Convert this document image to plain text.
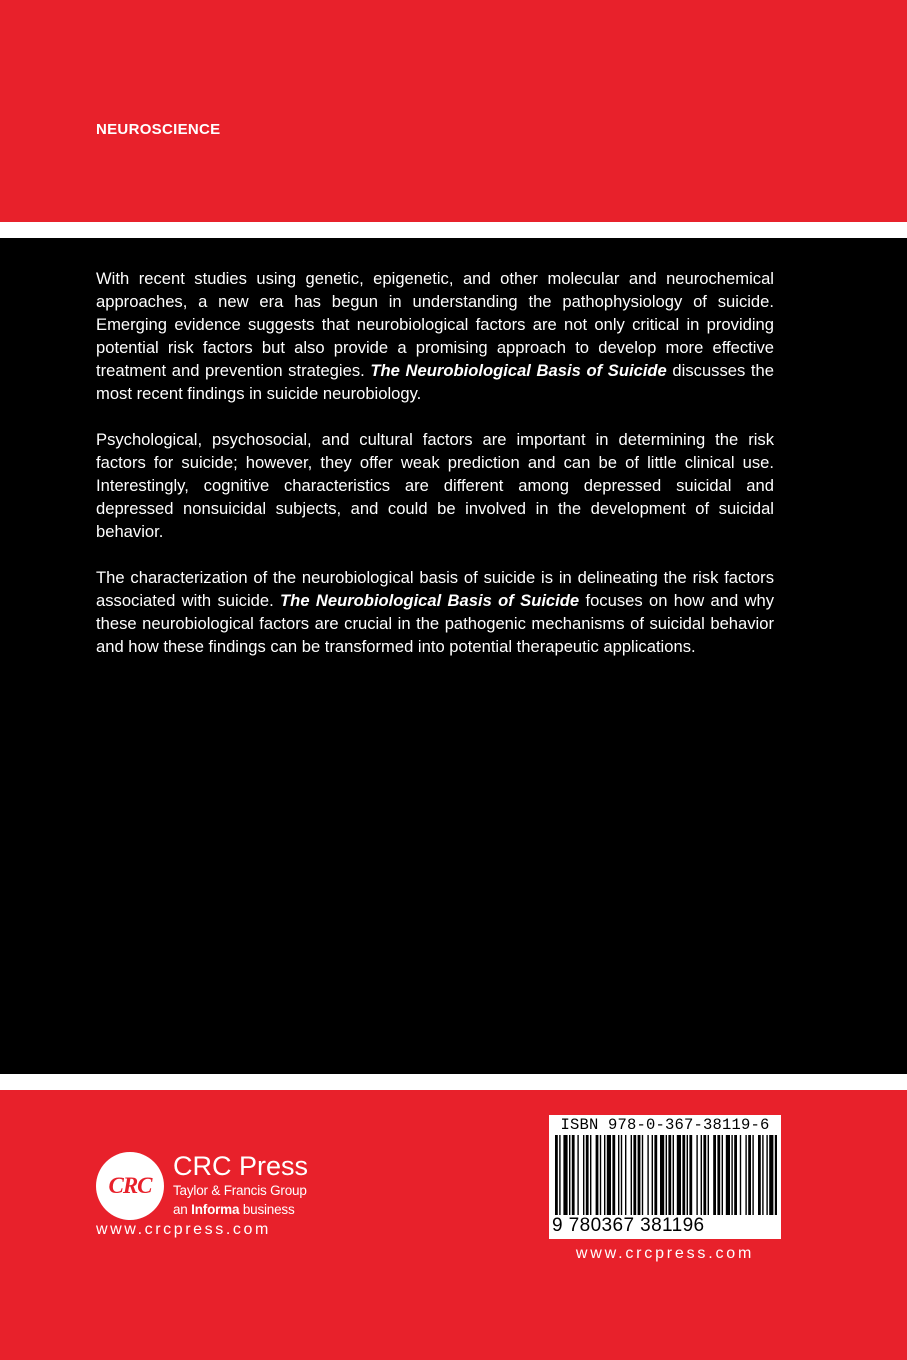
NEUROSCIENCE

With recent studies using genetic, epigenetic, and other molecular and neurochemical approaches, a new era has begun in understanding the pathophysiology of suicide. Emerging evidence suggests that neurobiological factors are not only critical in providing potential risk factors but also provide a promising approach to develop more effective treatment and prevention strategies. The Neurobiological Basis of Suicide discusses the most recent findings in suicide neurobiology.

Psychological, psychosocial, and cultural factors are important in determining the risk factors for suicide; however, they offer weak prediction and can be of little clinical use. Interestingly, cognitive characteristics are different among depressed suicidal and depressed nonsuicidal subjects, and could be involved in the development of suicidal behavior.

The characterization of the neurobiological basis of suicide is in delineating the risk factors associated with suicide. The Neurobiological Basis of Suicide focuses on how and why these neurobiological factors are crucial in the pathogenic mechanisms of suicidal behavior and how these findings can be transformed into potential therapeutic applications.

CRC
CRC Press
Taylor & Francis Group
an Informa business
www.crcpress.com
ISBN 978-0-367-38119-6
9 780367 381196
www.crcpress.com
